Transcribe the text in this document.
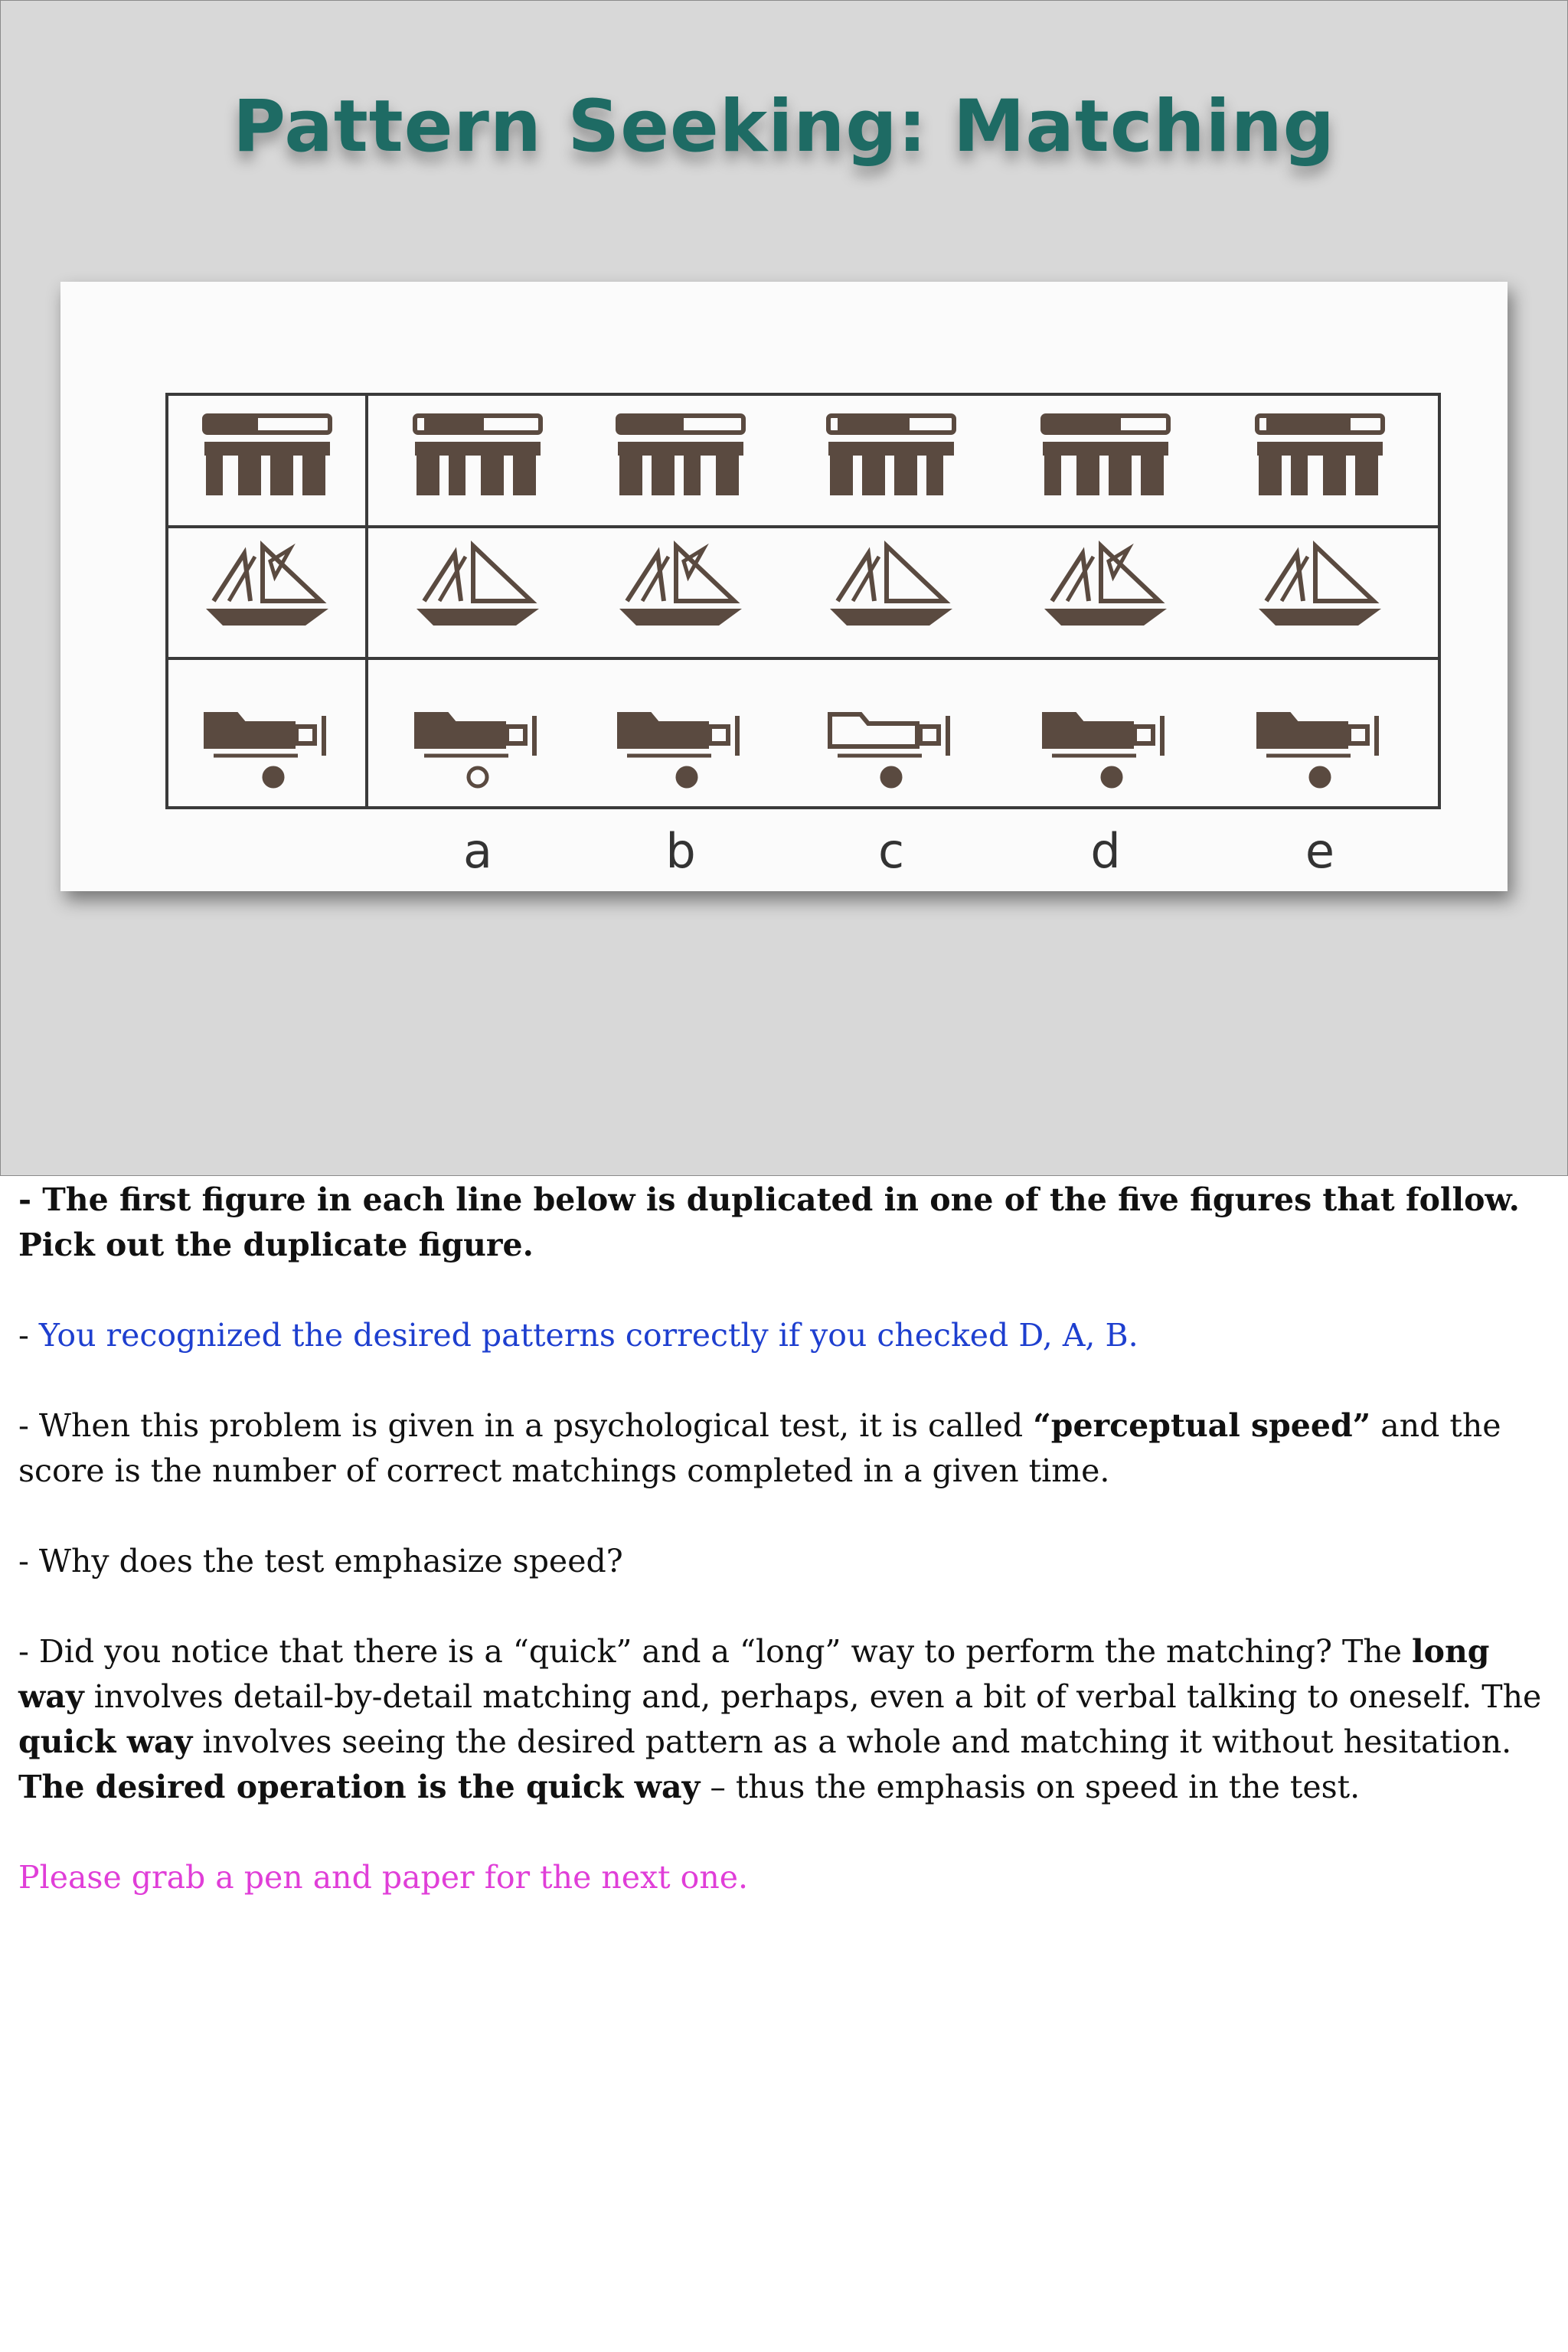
Pattern Seeking: Matching
a	b	c	d	e

- The first figure in each line below is duplicated in one of the five figures that follow. Pick out the duplicate figure.

- You recognized the desired patterns correctly if you checked D, A, B.

- When this problem is given in a psychological test, it is called “perceptual speed” and the score is the number of correct matchings completed in a given time.

- Why does the test emphasize speed?

- Did you notice that there is a “quick” and a “long” way to perform the matching? The long way involves detail-by-detail matching and, perhaps, even a bit of verbal talking to oneself. The quick way involves seeing the desired pattern as a whole and matching it without hesitation. The desired operation is the quick way – thus the emphasis on speed in the test.

Please grab a pen and paper for the next one.
